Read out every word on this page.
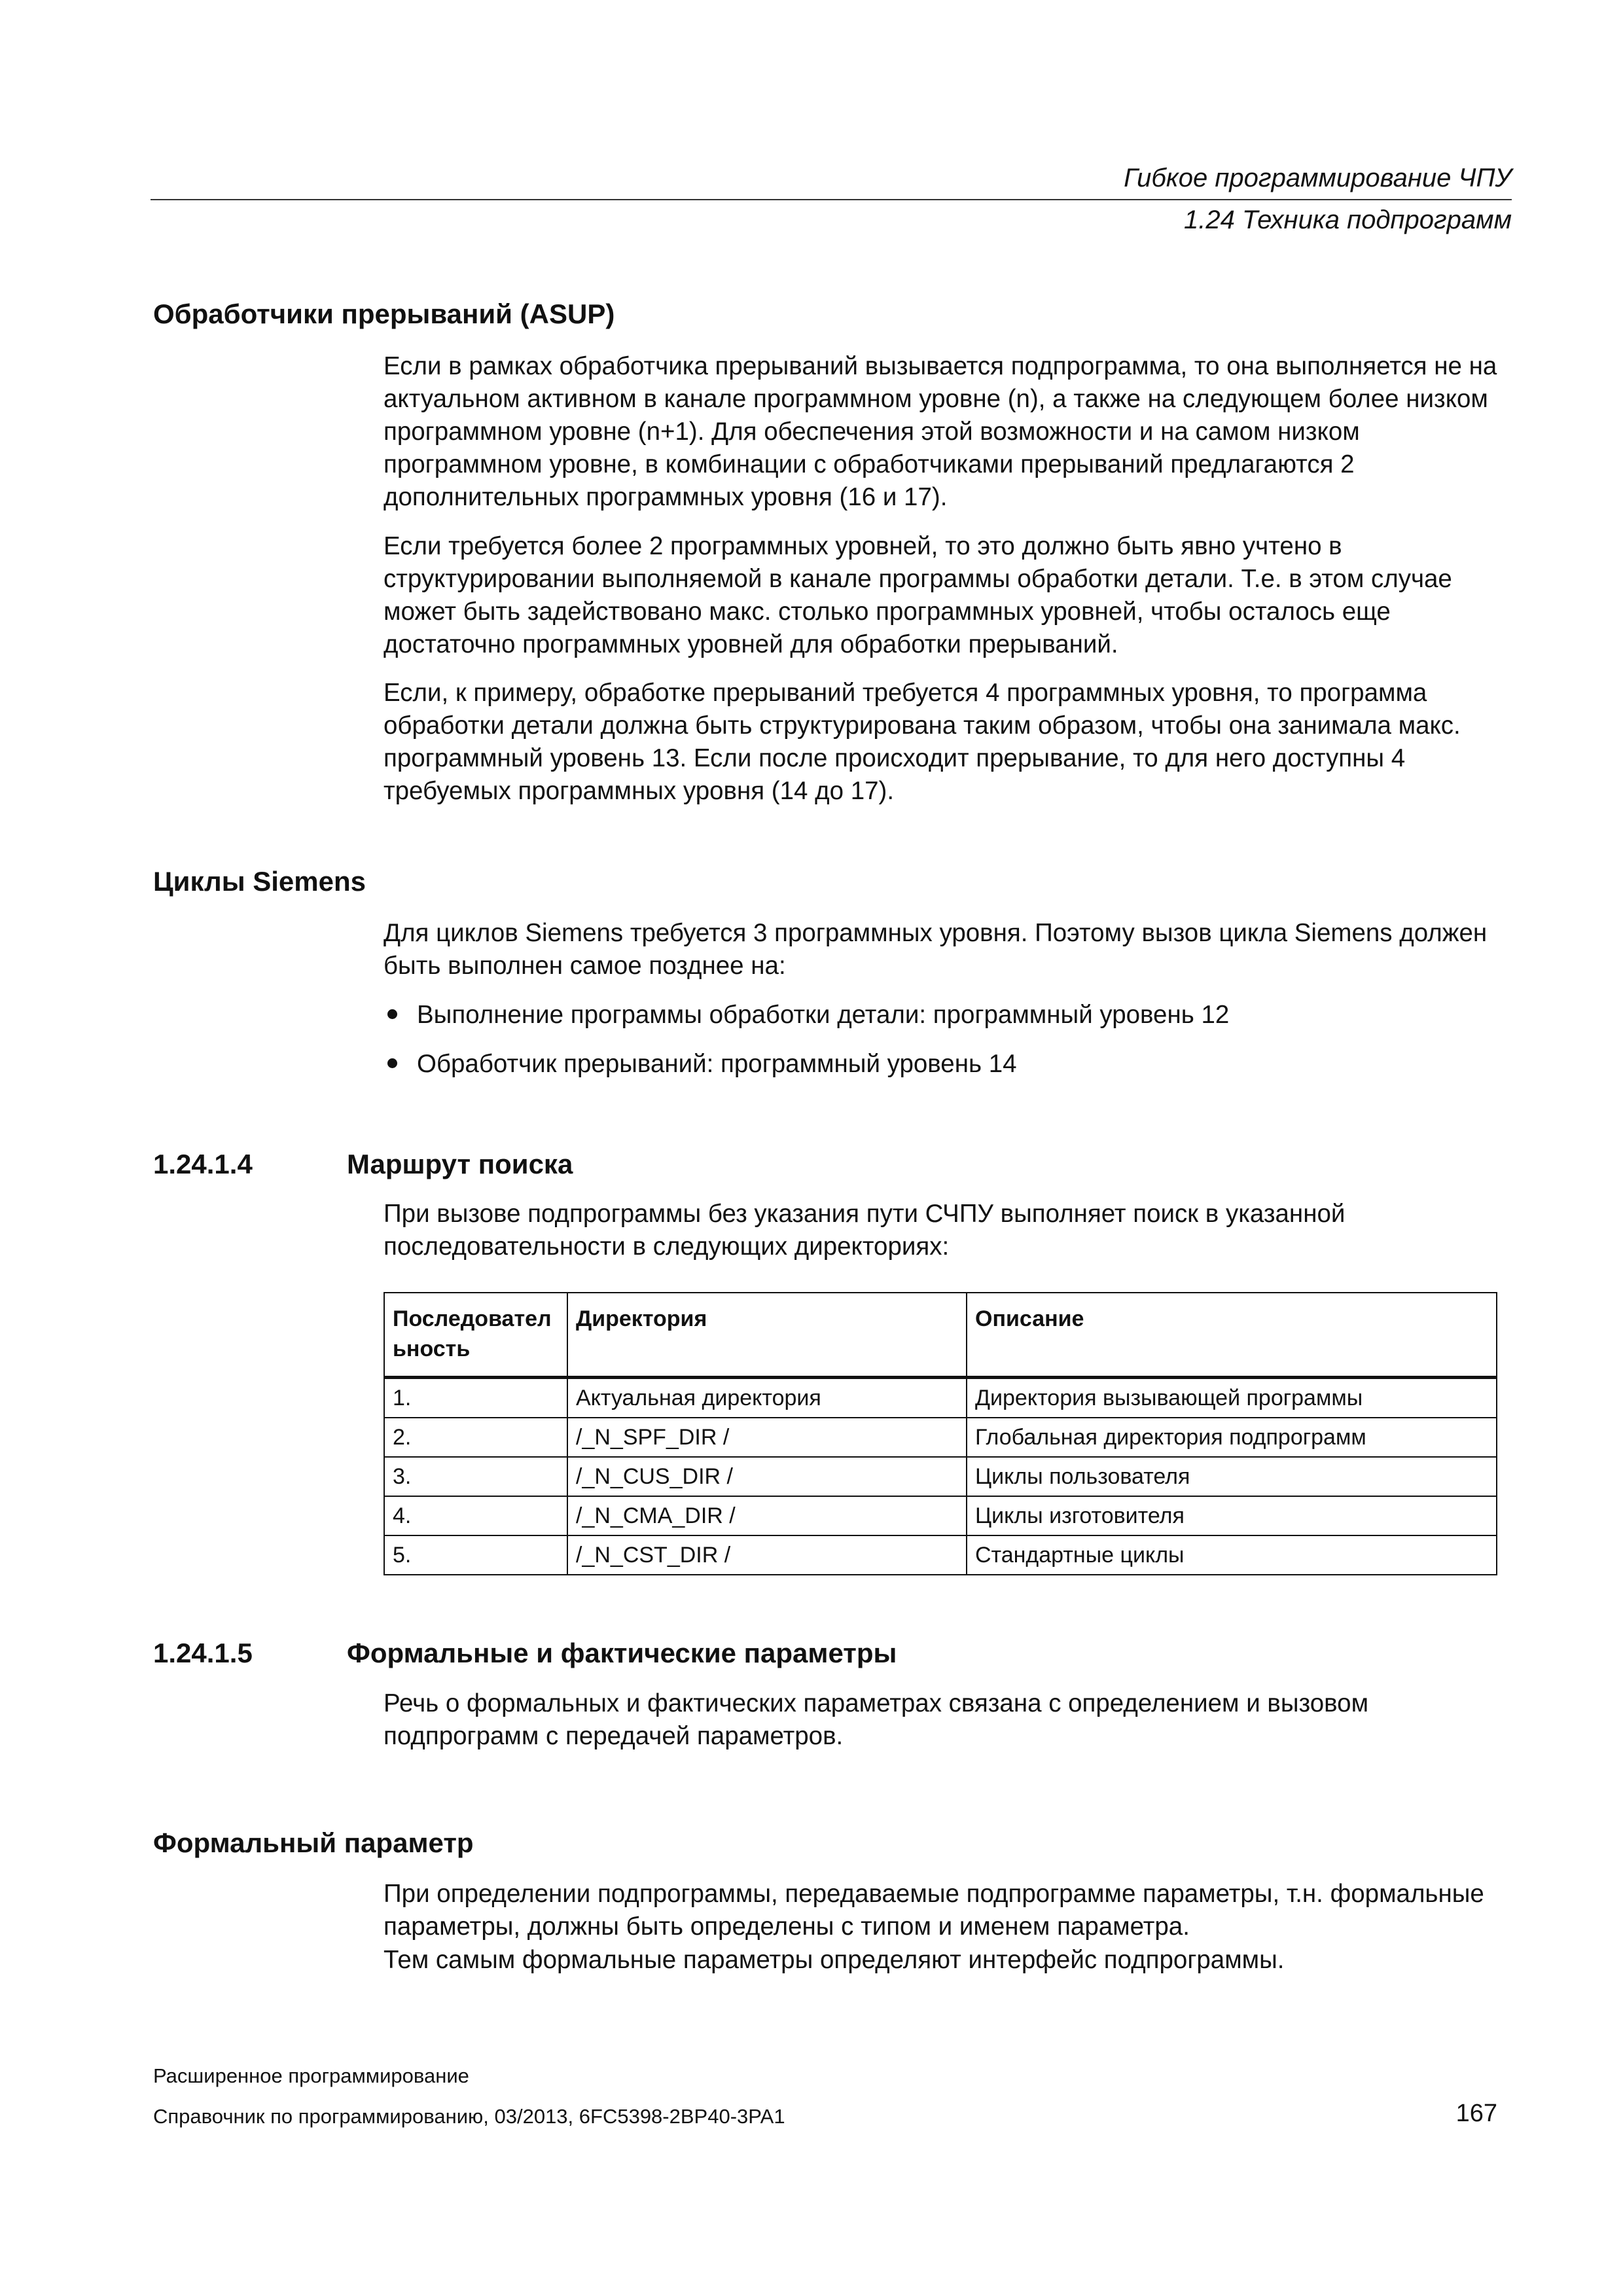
Гибкое программирование ЧПУ
1.24 Техника подпрограмм
Обработчики прерываний (ASUP)

Если в рамках обработчика прерываний вызывается подпрограмма, то она выполняется не на актуальном активном в канале программном уровне (n), а также на следующем более низком программном уровне (n+1). Для обеспечения этой возможности и на самом низком программном уровне, в комбинации с обработчиками прерываний предлагаются 2 дополнительных программных уровня (16 и 17).

Если требуется более 2 программных уровней, то это должно быть явно учтено в структурировании выполняемой в канале программы обработки детали. Т.е. в этом случае может быть задействовано макс. столько программных уровней, чтобы осталось еще достаточно программных уровней для обработки прерываний.

Если, к примеру, обработке прерываний требуется 4 программных уровня, то программа обработки детали должна быть структурирована таким образом, чтобы она занимала макс. программный уровень 13. Если после происходит прерывание, то для него доступны 4 требуемых программных уровня (14 до 17).

Циклы Siemens

Для циклов Siemens требуется 3 программных уровня. Поэтому вызов цикла Siemens должен быть выполнен самое позднее на:

Выполнение программы обработки детали: программный уровень 12
Обработчик прерываний: программный уровень 14
1.24.1.4	Маршрут поиска

При вызове подпрограммы без указания пути СЧПУ выполняет поиск в указанной последовательности в следующих директориях:

Последовател ьность	Директория	Описание
1.	Актуальная директория	Директория вызывающей программы
2.	/_N_SPF_DIR /	Глобальная директория подпрограмм
3.	/_N_CUS_DIR /	Циклы пользователя
4.	/_N_CMA_DIR /	Циклы изготовителя
5.	/_N_CST_DIR /	Стандартные циклы
1.24.1.5	Формальные и фактические параметры

Речь о формальных и фактических параметрах связана с определением и вызовом подпрограмм с передачей параметров.

Формальный параметр

При определении подпрограммы, передаваемые подпрограмме параметры, т.н. формальные параметры, должны быть определены с типом и именем параметра.

Тем самым формальные параметры определяют интерфейс подпрограммы.

Расширенное программирование
Справочник по программированию, 03/2013, 6FC5398-2BP40-3PA1	167
